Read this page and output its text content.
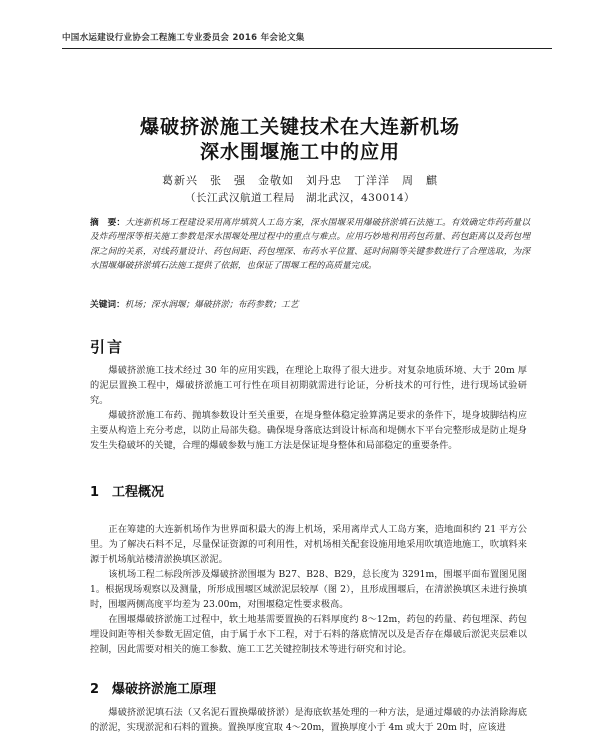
中国水运建设行业协会工程施工专业委员会 2016 年会论文集
爆破挤淤施工关键技术在大连新机场
深水围堰施工中的应用
葛新兴　张　强　金敬如　刘丹忠　丁洋洋　周　麒
（长江武汉航道工程局　湖北武汉，430014）
摘　要：大连新机场工程建设采用离岸填筑人工岛方案，深水围堰采用爆破挤淤填石法施工。有效确定炸药药量以及炸药埋深等相关施工参数是深水围堰处理过程中的重点与难点。应用巧妙地利用药包药量、药包距离以及药包埋深之间的关系，对线药量设计、药包间距、药包埋深、布药水平位置、延时间隔等关键参数进行了合理选取，为深水围堰爆破挤淤填石法施工提供了依据，也保证了围堰工程的高质量完成。
关键词：机场；深水润堰；爆破挤淤；布药参数；工艺
引言
爆破挤淤施工技术经过 30 年的应用实践，在理论上取得了很大进步。对复杂地质环境、大于 20m 厚的泥层置换工程中，爆破挤淤施工可行性在项目初期就需进行论证，分析技术的可行性，进行现场试验研究。
爆破挤淤施工布药、抛填参数设计至关重要，在堤身整体稳定验算满足要求的条件下，堤身坡脚结构应主要从构造上充分考虑，以防止局部失稳。确保堤身落底达到设计标高和堤侧水下平台完整形成是防止堤身发生失稳破坏的关键，合理的爆破参数与施工方法是保证堤身整体和局部稳定的重要条件。
1 工程概况
正在筹建的大连新机场作为世界面积最大的海上机场，采用离岸式人工岛方案，造地面积约 21 平方公里。为了解决石料不足，尽量保证资源的可利用性，对机场相关配套设施用地采用吹填造地施工，吹填料来源于机场航站楼清淤换填区淤泥。
该机场工程二标段所涉及爆破挤淤围堰为 B27、B28、B29，总长度为 3291m，围堰平面布置图见图 1。根据现场观察以及测量，所形成围堰区域淤泥层较厚（图 2），且形成围堰后，在清淤换填区未进行换填时，围堰两侧高度平均差为 23.00m，对围堰稳定性要求极高。
在围堰爆破挤淤施工过程中，软土地基需要置换的石料厚度约 8～12m，药包的药量、药包埋深、药包埋设间距等相关参数无固定值，由于属于水下工程，对于石料的落底情况以及是否存在爆破后淤泥夹层难以控制，因此需要对相关的施工参数、施工工艺关键控制技术等进行研究和讨论。
2 爆破挤淤施工原理
爆破挤淤泥填石法（又名泥石置换爆破挤淤）是海底软基处理的一种方法，是通过爆破的办法消除海底的淤泥，实现淤泥和石料的置换。置换厚度宜取 4～20m，置换厚度小于 4m 或大于 20m 时，应该进
